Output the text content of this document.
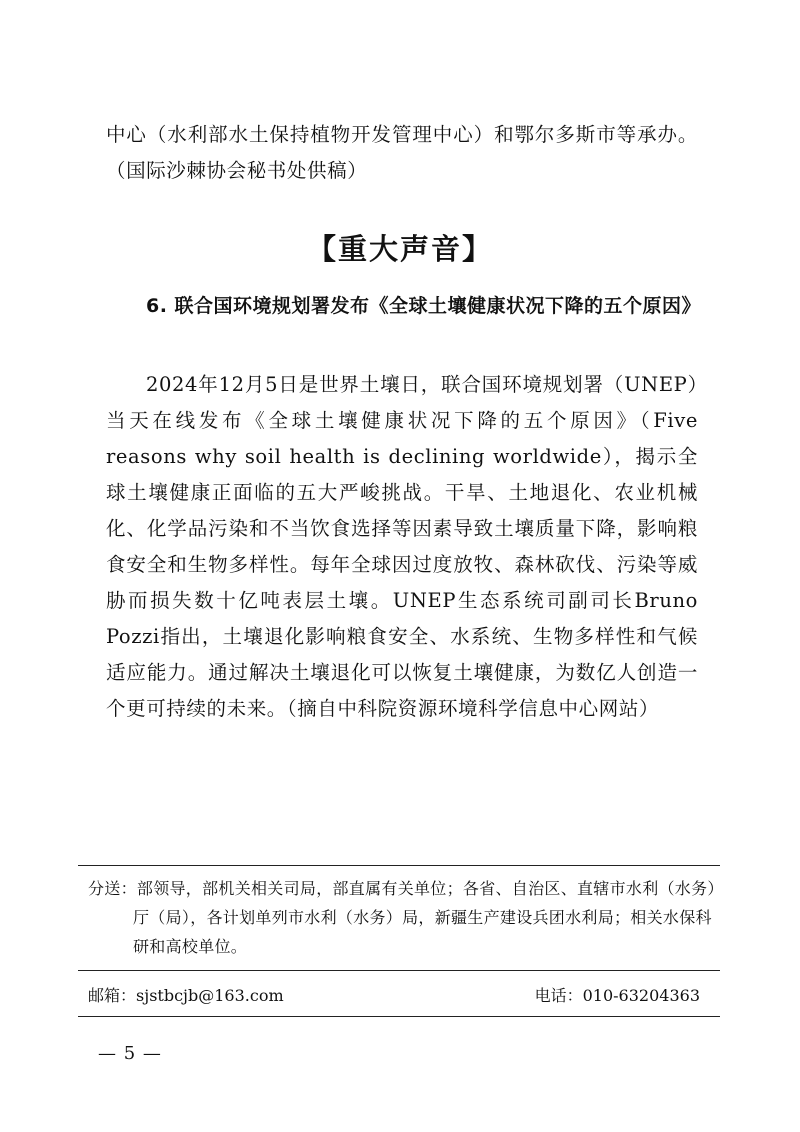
中心（水利部水土保持植物开发管理中心）和鄂尔多斯市等承办。（国际沙棘协会秘书处供稿）
【重大声音】
6. 联合国环境规划署发布《全球土壤健康状况下降的五个原因》
2024年12月5日是世界土壤日，联合国环境规划署（UNEP）当天在线发布《全球土壤健康状况下降的五个原因》（Five reasons why soil health is declining worldwide），揭示全球土壤健康正面临的五大严峻挑战。干旱、土地退化、农业机械化、化学品污染和不当饮食选择等因素导致土壤质量下降，影响粮食安全和生物多样性。每年全球因过度放牧、森林砍伐、污染等威胁而损失数十亿吨表层土壤。UNEP生态系统司副司长Bruno Pozzi指出，土壤退化影响粮食安全、水系统、生物多样性和气候适应能力。通过解决土壤退化可以恢复土壤健康，为数亿人创造一个更可持续的未来。（摘自中科院资源环境科学信息中心网站）
分送：部领导，部机关相关司局，部直属有关单位；各省、自治区、直辖市水利（水务）厅（局），各计划单列市水利（水务）局，新疆生产建设兵团水利局；相关水保科研和高校单位。
邮箱：sjstbcjb@163.com	电话：010-63204363
— 5 —
